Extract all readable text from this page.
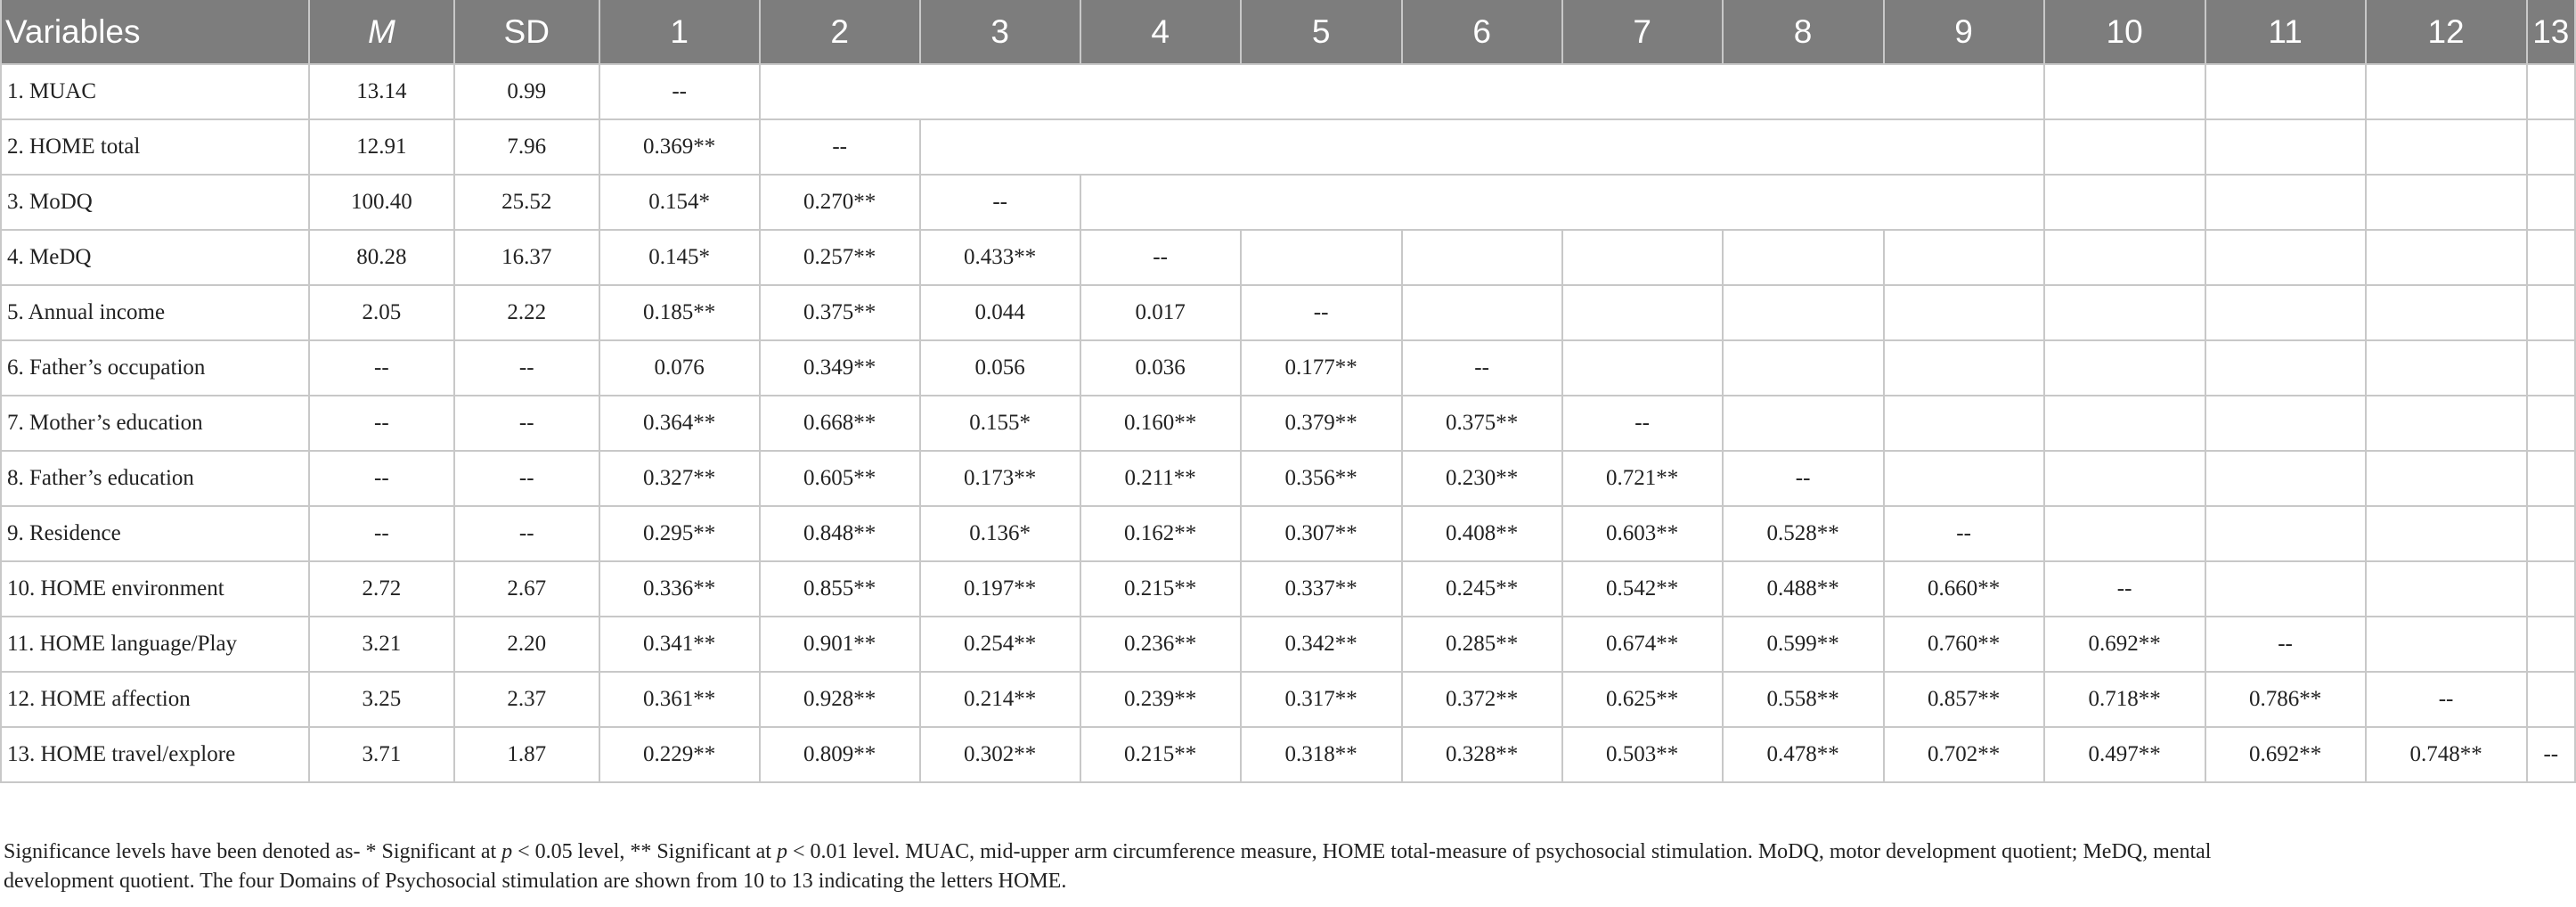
Variables	M	SD	1	2	3	4	5	6	7	8	9	10	11	12	13
1. MUAC	13.14	0.99	--												
2. HOME total	12.91	7.96	0.369**	--											
3. MoDQ	100.40	25.52	0.154*	0.270**	--										
4. MeDQ	80.28	16.37	0.145*	0.257**	0.433**	--									
5. Annual income	2.05	2.22	0.185**	0.375**	0.044	0.017	--								
6. Father’s occupation	--	--	0.076	0.349**	0.056	0.036	0.177**	--							
7. Mother’s education	--	--	0.364**	0.668**	0.155*	0.160**	0.379**	0.375**	--						
8. Father’s education	--	--	0.327**	0.605**	0.173**	0.211**	0.356**	0.230**	0.721**	--					
9. Residence	--	--	0.295**	0.848**	0.136*	0.162**	0.307**	0.408**	0.603**	0.528**	--				
10. HOME environment	2.72	2.67	0.336**	0.855**	0.197**	0.215**	0.337**	0.245**	0.542**	0.488**	0.660**	--			
11. HOME language/Play	3.21	2.20	0.341**	0.901**	0.254**	0.236**	0.342**	0.285**	0.674**	0.599**	0.760**	0.692**	--		
12. HOME affection	3.25	2.37	0.361**	0.928**	0.214**	0.239**	0.317**	0.372**	0.625**	0.558**	0.857**	0.718**	0.786**	--	
13. HOME travel/explore	3.71	1.87	0.229**	0.809**	0.302**	0.215**	0.318**	0.328**	0.503**	0.478**	0.702**	0.497**	0.692**	0.748**	--
Significance levels have been denoted as- * Significant at p < 0.05 level, ** Significant at p < 0.01 level. MUAC, mid-upper arm circumference measure, HOME total-measure of psychosocial stimulation. MoDQ, motor development quotient; MeDQ, mental
development quotient. The four Domains of Psychosocial stimulation are shown from 10 to 13 indicating the letters HOME.
